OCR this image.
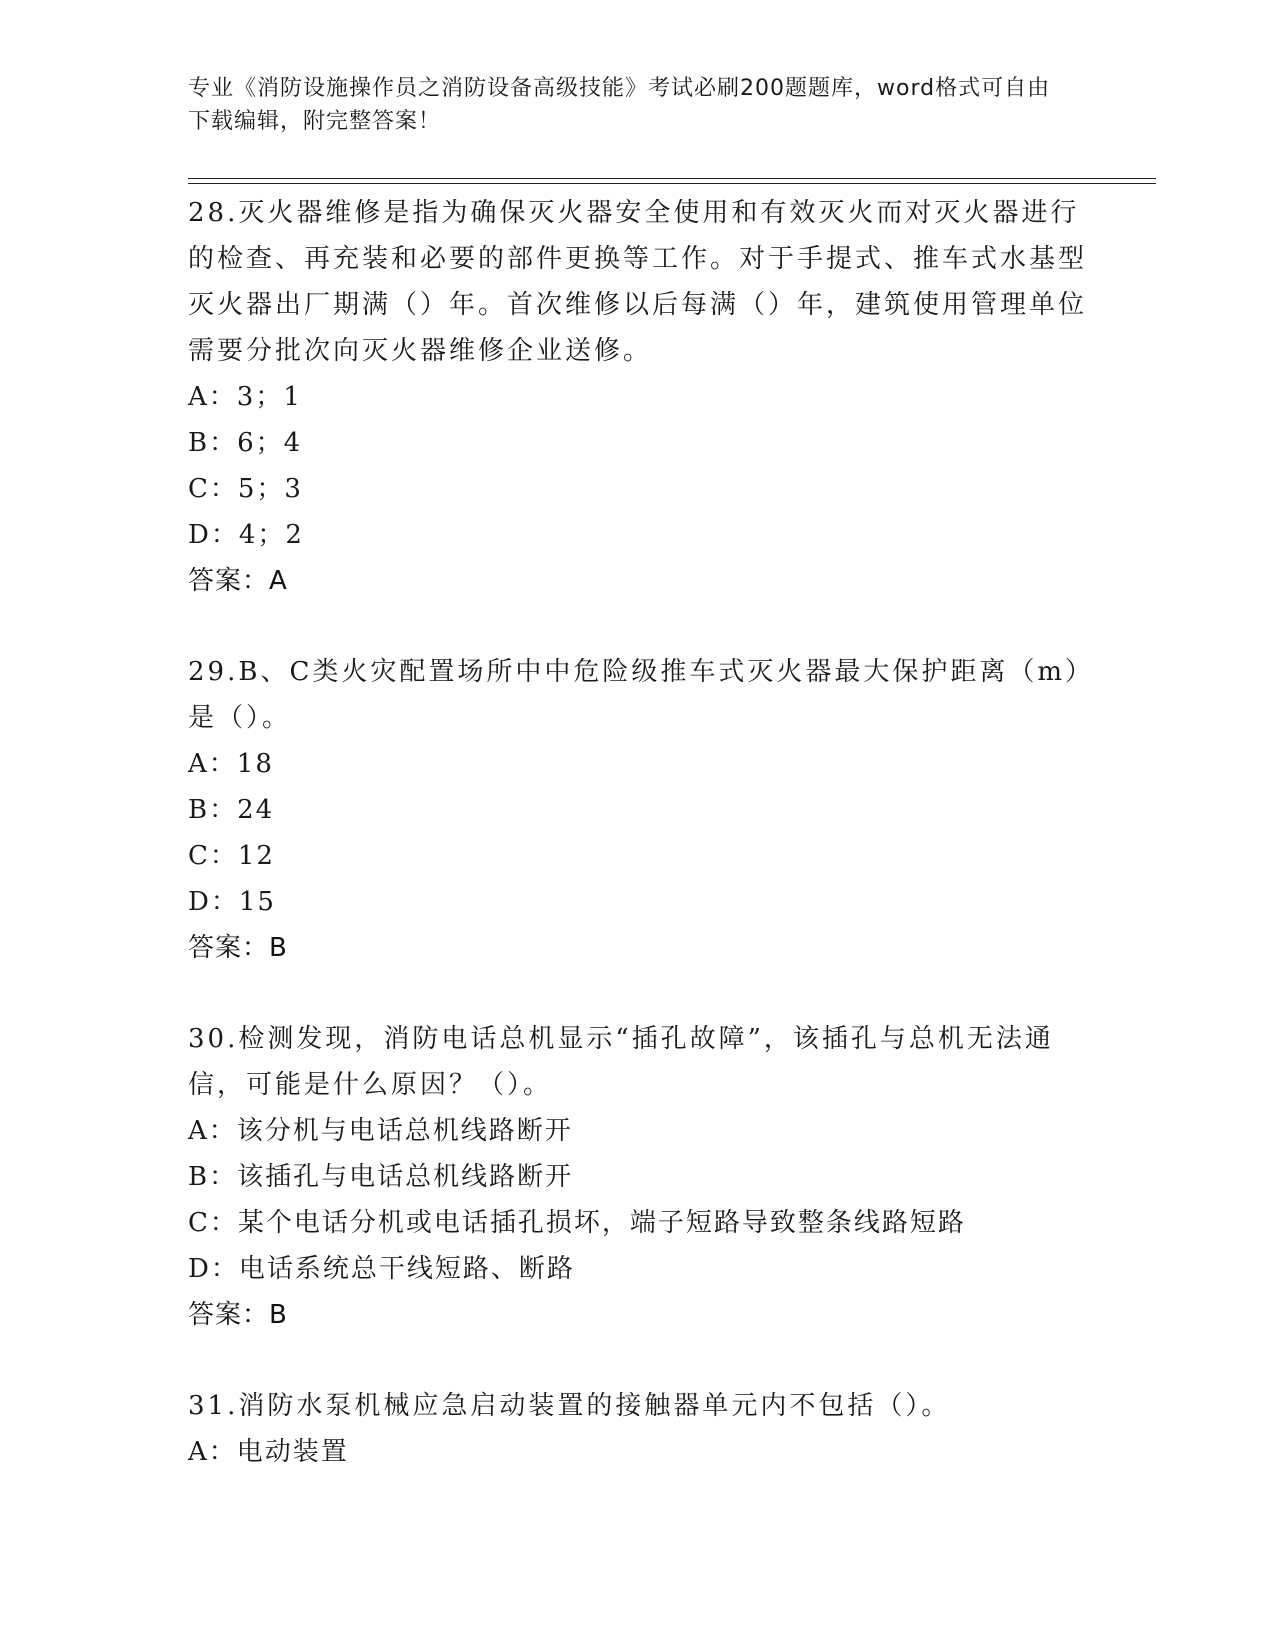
专业《消防设施操作员之消防设备高级技能》考试必刷200题题库，word格式可自由下载编辑，附完整答案！
28.灭火器维修是指为确保灭火器安全使用和有效灭火而对灭火器进行的检查、再充装和必要的部件更换等工作。对于手提式、推车式水基型灭火器出厂期满（）年。首次维修以后每满（）年，建筑使用管理单位需要分批次向灭火器维修企业送修。
A：3；1
B：6；4
C：5；3
D：4；2
答案：A
29.B、C类火灾配置场所中中危险级推车式灭火器最大保护距离（m）是（）。
A：18
B：24
C：12
D：15
答案：B
30.检测发现，消防电话总机显示“插孔故障”，该插孔与总机无法通信，可能是什么原因？（）。
A：该分机与电话总机线路断开
B：该插孔与电话总机线路断开
C：某个电话分机或电话插孔损坏，端子短路导致整条线路短路
D：电话系统总干线短路、断路
答案：B
31.消防水泵机械应急启动装置的接触器单元内不包括（）。
A：电动装置
